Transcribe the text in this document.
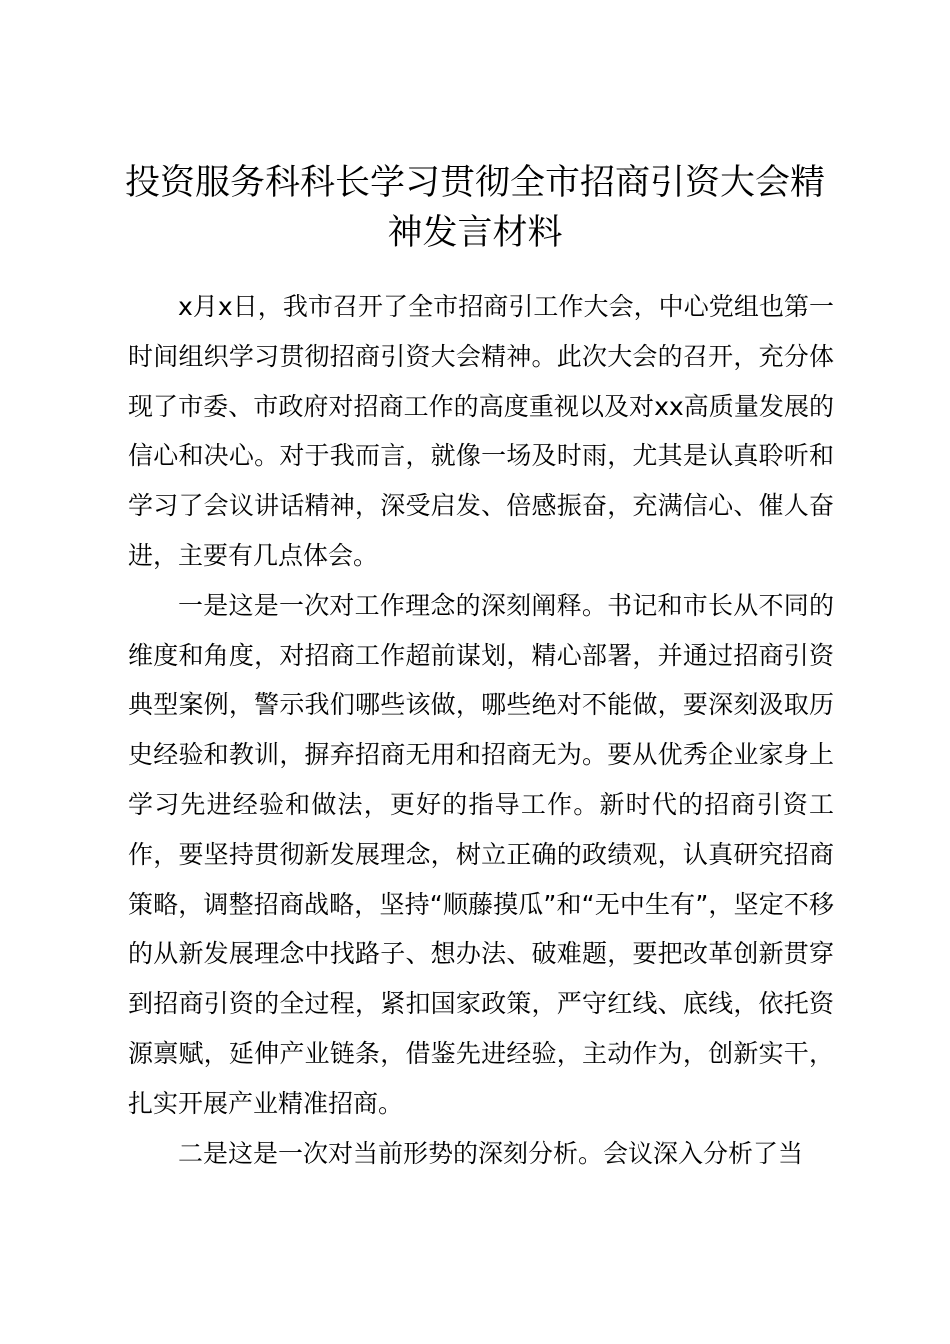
投资服务科科长学习贯彻全市招商引资大会精神发言材料

x月x日，我市召开了全市招商引工作大会，中心党组也第一时间组织学习贯彻招商引资大会精神。此次大会的召开，充分体现了市委、市政府对招商工作的高度重视以及对xx高质量发展的信心和决心。对于我而言，就像一场及时雨，尤其是认真聆听和学习了会议讲话精神，深受启发、倍感振奋，充满信心、催人奋进，主要有几点体会。

一是这是一次对工作理念的深刻阐释。书记和市长从不同的维度和角度，对招商工作超前谋划，精心部署，并通过招商引资典型案例，警示我们哪些该做，哪些绝对不能做，要深刻汲取历史经验和教训，摒弃招商无用和招商无为。要从优秀企业家身上学习先进经验和做法，更好的指导工作。新时代的招商引资工作，要坚持贯彻新发展理念，树立正确的政绩观，认真研究招商策略，调整招商战略，坚持“顺藤摸瓜”和“无中生有”，坚定不移的从新发展理念中找路子、想办法、破难题，要把改革创新贯穿到招商引资的全过程，紧扣国家政策，严守红线、底线，依托资源禀赋，延伸产业链条，借鉴先进经验，主动作为，创新实干，扎实开展产业精准招商。

二是这是一次对当前形势的深刻分析。会议深入分析了当
